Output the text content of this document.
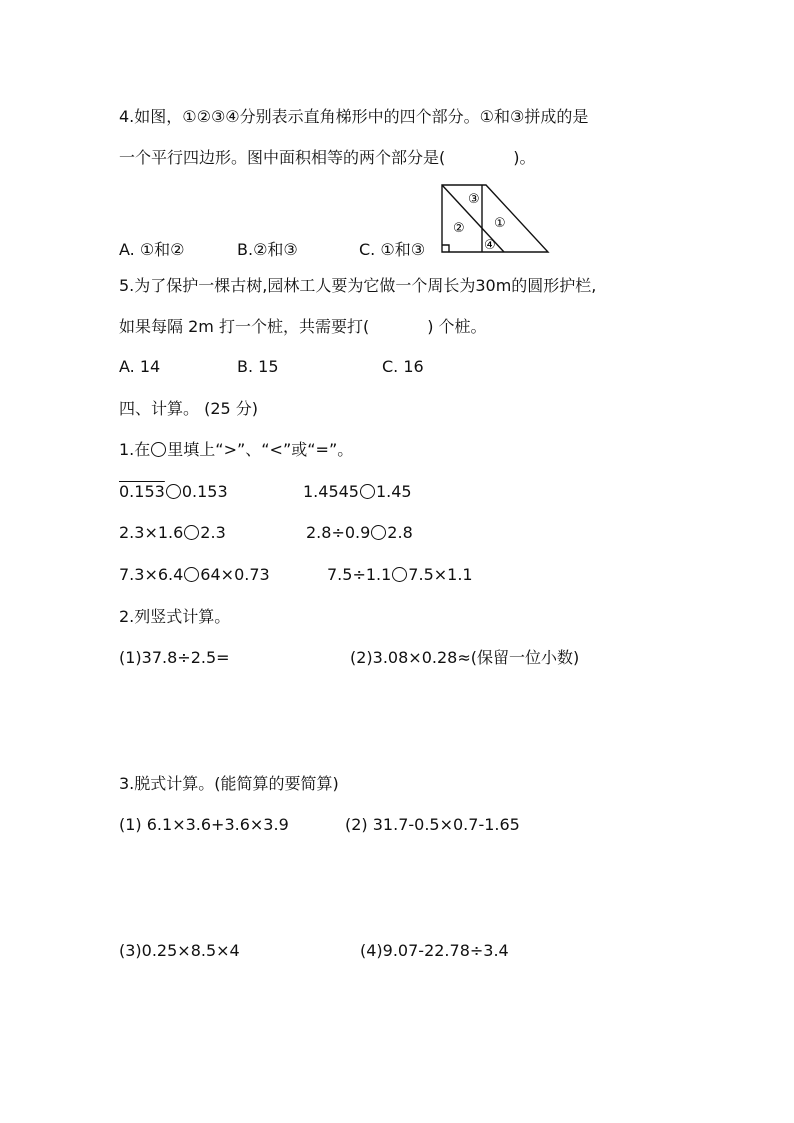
4.如图，①②③④分别表示直角梯形中的四个部分。①和③拼成的是
一个平行四边形。图中面积相等的两个部分是(	)。
③
② ①
④
A. ①和②	B.②和③	C. ①和③
5.为了保护一棵古树,园林工人要为它做一个周长为30m的圆形护栏,
如果每隔 2m 打一个桩，共需要打(	) 个桩。
A. 14	B. 15	C. 16
四、计算。 (25 分)
1.在 里填上“>”、“<”或“=”。
0.153 0.153	1.4545 1.45
2.3×1.6 2.3	2.8÷0.9 2.8
7.3×6.4 64×0.73	7.5÷1.1 7.5×1.1
2.列竖式计算。
(1)37.8÷2.5=	(2)3.08×0.28≈(保留一位小数)
3.脱式计算。(能简算的要简算)
(1) 6.1×3.6+3.6×3.9	(2) 31.7-0.5×0.7-1.65
(3)0.25×8.5×4	(4)9.07-22.78÷3.4
